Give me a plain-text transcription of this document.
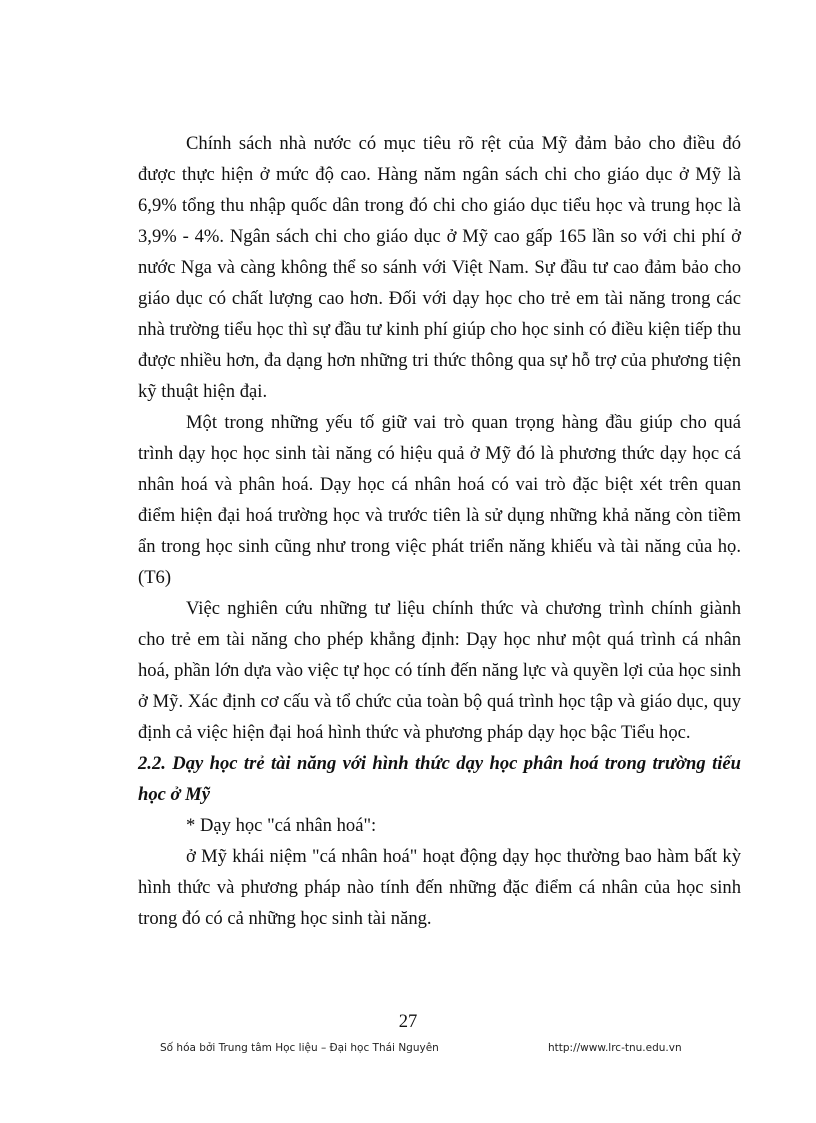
Chính sách nhà nước có mục tiêu rõ rệt của Mỹ đảm bảo cho điều đó được thực hiện ở mức độ cao. Hàng năm ngân sách chi cho giáo dục ở Mỹ là 6,9% tổng thu nhập quốc dân trong đó chi cho giáo dục tiểu học và trung học là 3,9% - 4%. Ngân sách chi cho giáo dục ở Mỹ cao gấp 165 lần so với chi phí ở nước Nga và càng không thể so sánh với Việt Nam. Sự đầu tư cao đảm bảo cho giáo dục có chất lượng cao hơn. Đối với dạy học cho trẻ em tài năng trong các nhà trường tiểu học thì sự đầu tư kinh phí giúp cho học sinh có điều kiện tiếp thu được nhiều hơn, đa dạng hơn những tri thức thông qua sự hỗ trợ của phương tiện kỹ thuật hiện đại.

Một trong những yếu tố giữ vai trò quan trọng hàng đầu giúp cho quá trình dạy học học sinh tài năng có hiệu quả ở Mỹ đó là phương thức dạy học cá nhân hoá và phân hoá. Dạy học cá nhân hoá có vai trò đặc biệt xét trên quan điểm hiện đại hoá trường học và trước tiên là sử dụng những khả năng còn tiềm ẩn trong học sinh cũng như trong việc phát triển năng khiếu và tài năng của họ.(T6)

Việc nghiên cứu những tư liệu chính thức và chương trình chính giành cho trẻ em tài năng cho phép khẳng định: Dạy học như một quá trình cá nhân hoá, phần lớn dựa vào việc tự học có tính đến năng lực và quyền lợi của học sinh ở Mỹ. Xác định cơ cấu và tổ chức của toàn bộ quá trình học tập và giáo dục, quy định cả việc hiện đại hoá hình thức và phương pháp dạy học bậc Tiểu học.

2.2. Dạy học trẻ tài năng với hình thức dạy học phân hoá trong trường tiểu học ở Mỹ

* Dạy học "cá nhân hoá":

ở Mỹ khái niệm "cá nhân hoá" hoạt động dạy học thường bao hàm bất kỳ hình thức và phương pháp nào tính đến những đặc điểm cá nhân của học sinh trong đó có cả những học sinh tài năng.

27
Số hóa bởi Trung tâm Học liệu – Đại học Thái Nguyên	http://www.lrc-tnu.edu.vn
